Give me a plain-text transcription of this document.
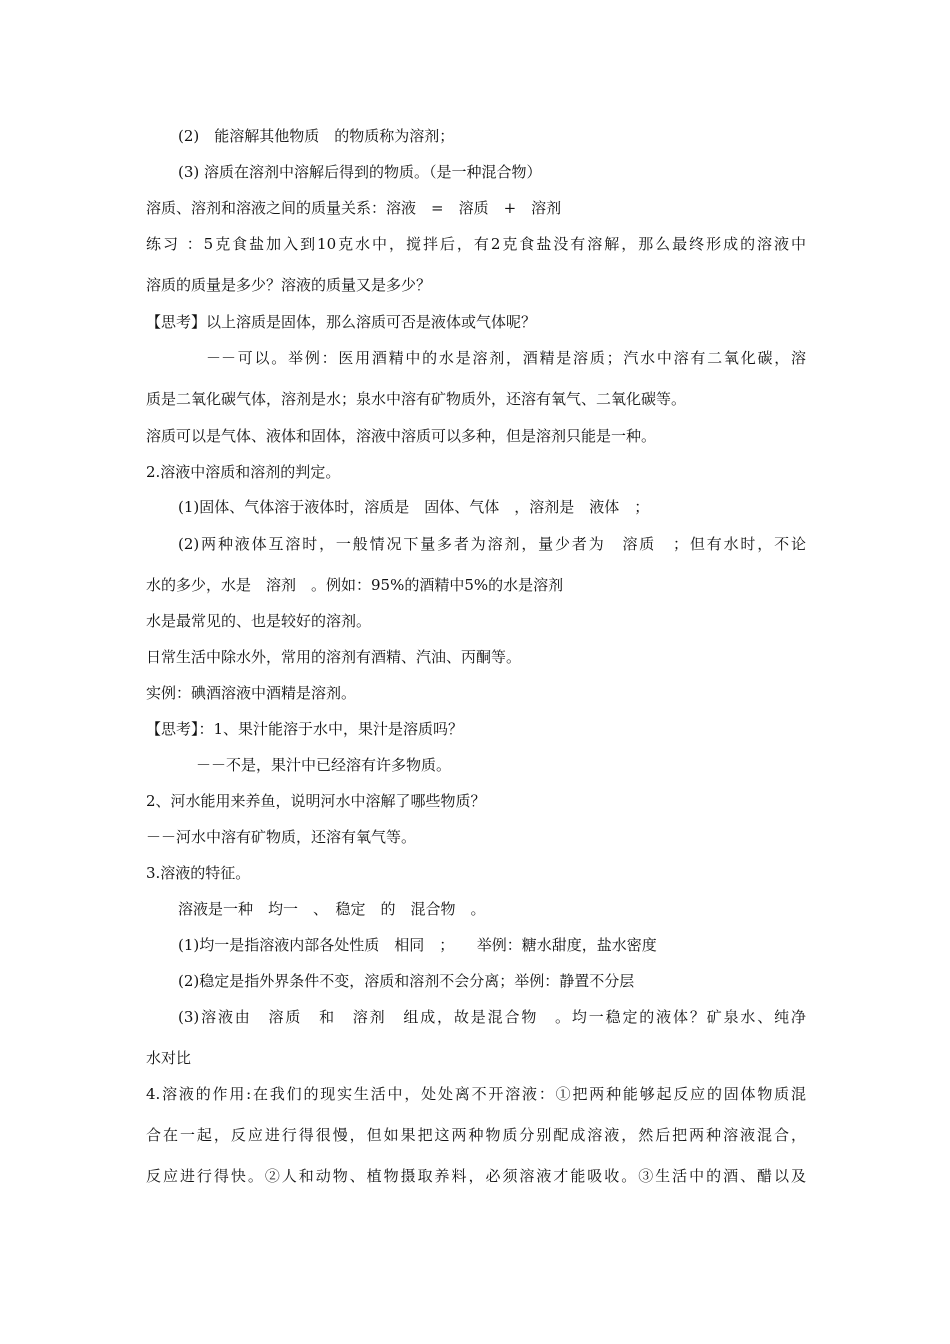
(2)　能溶解其他物质　的物质称为溶剂；
(3) 溶质在溶剂中溶解后得到的物质。（是一种混合物）
溶质、溶剂和溶液之间的质量关系：溶液　=　溶质　+　溶剂
练习 ：5克食盐加入到10克水中，搅拌后，有2克食盐没有溶解，那么最终形成的溶液中
溶质的质量是多少？溶液的质量又是多少？
【思考】以上溶质是固体，那么溶质可否是液体或气体呢？
－－可以。举例：医用酒精中的水是溶剂，酒精是溶质；汽水中溶有二氧化碳，溶
质是二氧化碳气体，溶剂是水；泉水中溶有矿物质外，还溶有氧气、二氧化碳等。
溶质可以是气体、液体和固体，溶液中溶质可以多种，但是溶剂只能是一种。
2.溶液中溶质和溶剂的判定。
(1)固体、气体溶于液体时，溶质是　固体、气体　，溶剂是　液体　；
(2)两种液体互溶时，一般情况下量多者为溶剂，量少者为　溶质　；但有水时，不论
水的多少，水是　溶剂　。例如：95%的酒精中5%的水是溶剂
水是最常见的、也是较好的溶剂。
日常生活中除水外，常用的溶剂有酒精、汽油、丙酮等。
实例：碘酒溶液中酒精是溶剂。
【思考】：1、果汁能溶于水中，果汁是溶质吗？
－－不是，果汁中已经溶有许多物质。
2、河水能用来养鱼，说明河水中溶解了哪些物质？
－－河水中溶有矿物质，还溶有氧气等。
3.溶液的特征。
溶液是一种　均一　、　稳定　的　混合物　。
(1)均一是指溶液内部各处性质　相同　；　　举例：糖水甜度，盐水密度
(2)稳定是指外界条件不变，溶质和溶剂不会分离；举例：静置不分层
(3)溶液由　溶质　和　溶剂　组成，故是混合物　。均一稳定的液体？矿泉水、纯净
水对比
4.溶液的作用:在我们的现实生活中，处处离不开溶液：①把两种能够起反应的固体物质混
合在一起，反应进行得很慢，但如果把这两种物质分别配成溶液，然后把两种溶液混合，
反应进行得快。②人和动物、植物摄取养料，必须溶液才能吸收。③生活中的酒、醋以及
